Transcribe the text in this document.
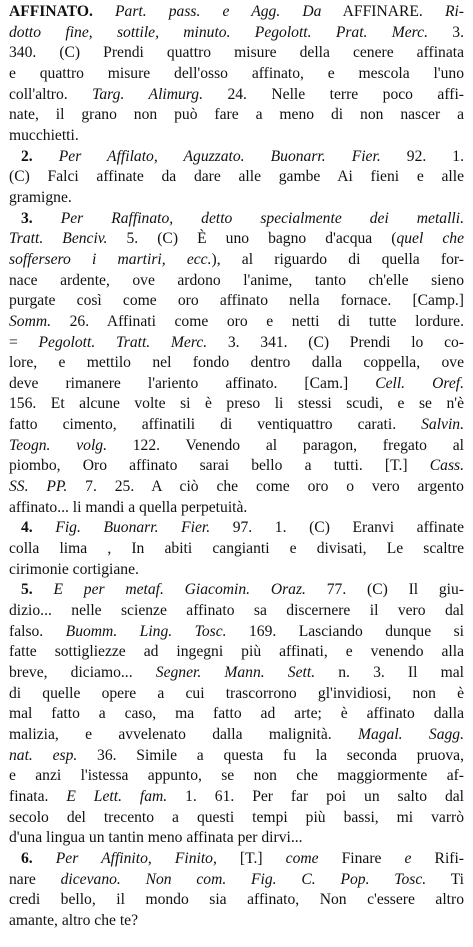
AFFINATO. Part. pass. e Agg. Da AFFINARE. Ri-

dotto fine, sottile, minuto. Pegolott. Prat. Merc. 3.

340. (C) Prendi quattro misure della cenere affinata

e quattro misure dell'osso affinato, e mescola l'uno

coll'altro. Targ. Alimurg. 24. Nelle terre poco affi-

nate, il grano non può fare a meno di non nascer a

mucchietti.

2. Per Affilato, Aguzzato. Buonarr. Fier. 92. 1.

(C) Falci affinate da dare alle gambe Ai fieni e alle

gramigne.

3. Per Raffinato, detto specialmente dei metalli.

Tratt. Benciv. 5. (C) È uno bagno d'acqua (quel che

soffersero i martiri, ecc.), al riguardo di quella for-

nace ardente, ove ardono l'anime, tanto ch'elle sieno

purgate così come oro affinato nella fornace. [Camp.]

Somm. 26. Affinati come oro e netti di tutte lordure.

= Pegolott. Tratt. Merc. 3. 341. (C) Prendi lo co-

lore, e mettilo nel fondo dentro dalla coppella, ove

deve rimanere l'ariento affinato. [Cam.] Cell. Oref.

156. Et alcune volte si è preso li stessi scudi, e se n'è

fatto cimento, affinatili di ventiquattro carati. Salvin.

Teogn. volg. 122. Venendo al paragon, fregato al

piombo, Oro affinato sarai bello a tutti. [T.] Cass.

SS. PP. 7. 25. A ciò che come oro o vero argento

affinato... li mandi a quella perpetuità.

4. Fig. Buonarr. Fier. 97. 1. (C) Eranvi affinate

colla lima , In abiti cangianti e divisati, Le scaltre

cirimonie cortigiane.

5. E per metaf. Giacomin. Oraz. 77. (C) Il giu-

dizio... nelle scienze affinato sa discernere il vero dal

falso. Buomm. Ling. Tosc. 169. Lasciando dunque si

fatte sottigliezze ad ingegni più affinati, e venendo alla

breve, diciamo... Segner. Mann. Sett. n. 3. Il mal

di quelle opere a cui trascorrono gl'invidiosi, non è

mal fatto a caso, ma fatto ad arte; è affinato dalla

malizia, e avvelenato dalla malignità. Magal. Sagg.

nat. esp. 36. Simile a questa fu la seconda pruova,

e anzi l'istessa appunto, se non che maggiormente af-

finata. E Lett. fam. 1. 61. Per far poi un salto dal

secolo del trecento a questi tempi più bassi, mi varrò

d'una lingua un tantin meno affinata per dirvi...

6. Per Affinito, Finito, [T.] come Finare e Rifi-

nare dicevano. Non com. Fig. C. Pop. Tosc. Ti

credi bello, il mondo sia affinato, Non c'essere altro

amante, altro che te?
